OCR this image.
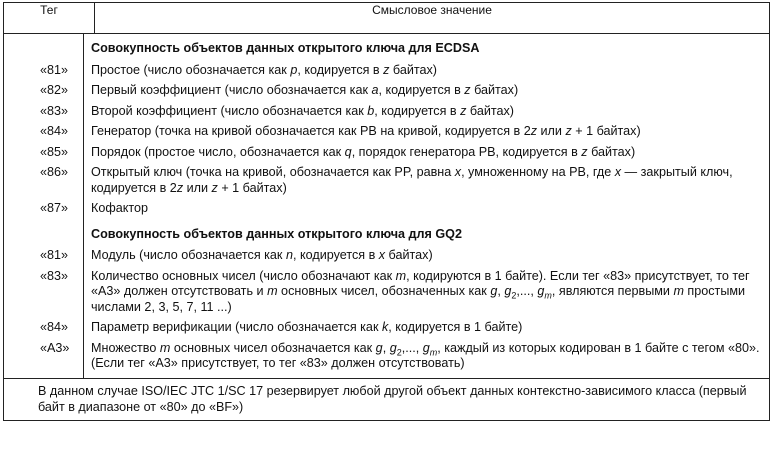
Тег	Смысловое значение

Совокупность объектов данных открытого ключа для ECDSA
«81»	Простое (число обозначается как p, кодируется в z байтах)
«82»	Первый коэффициент (число обозначается как a, кодируется в z байтах)
«83»	Второй коэффициент (число обозначается как b, кодируется в z байтах)
«84»	Генератор (точка на кривой обозначается как PB на кривой, кодируется в 2z или z + 1 байтах)
«85»	Порядок (простое число, обозначается как q, порядок генератора PB, кодируется в z байтах)
«86»	Открытый ключ (точка на кривой, обозначается как PP, равна x, умноженному на PB, где x — закрытый ключ, кодируется в 2z или z + 1 байтах)
«87»	Кофактор
Совокупность объектов данных открытого ключа для GQ2
«81»	Модуль (число обозначается как n, кодируется в x байтах)
«83»	Количество основных чисел (число обозначают как m, кодируются в 1 байте). Если тег «83» присутствует, то тег «А3» должен отсутствовать и m основных чисел, обозначенных как g, $g_2$,..., $g_m$, являются первыми m простыми числами 2, 3, 5, 7, 11 ...)
«84»	Параметр верификации (число обозначается как k, кодируется в 1 байте)
«А3»	Множество m основных чисел обозначается как g, $g_2$,..., $g_m$, каждый из которых кодирован в 1 байте с тегом «80». (Если тег «А3» присутствует, то тег «83» должен отсутствовать)

В данном случае ISO/IEC JTC 1/SC 17 резервирует любой другой объект данных контекстно-зависимого класса (первый байт в диапазоне от «80» до «BF»)
